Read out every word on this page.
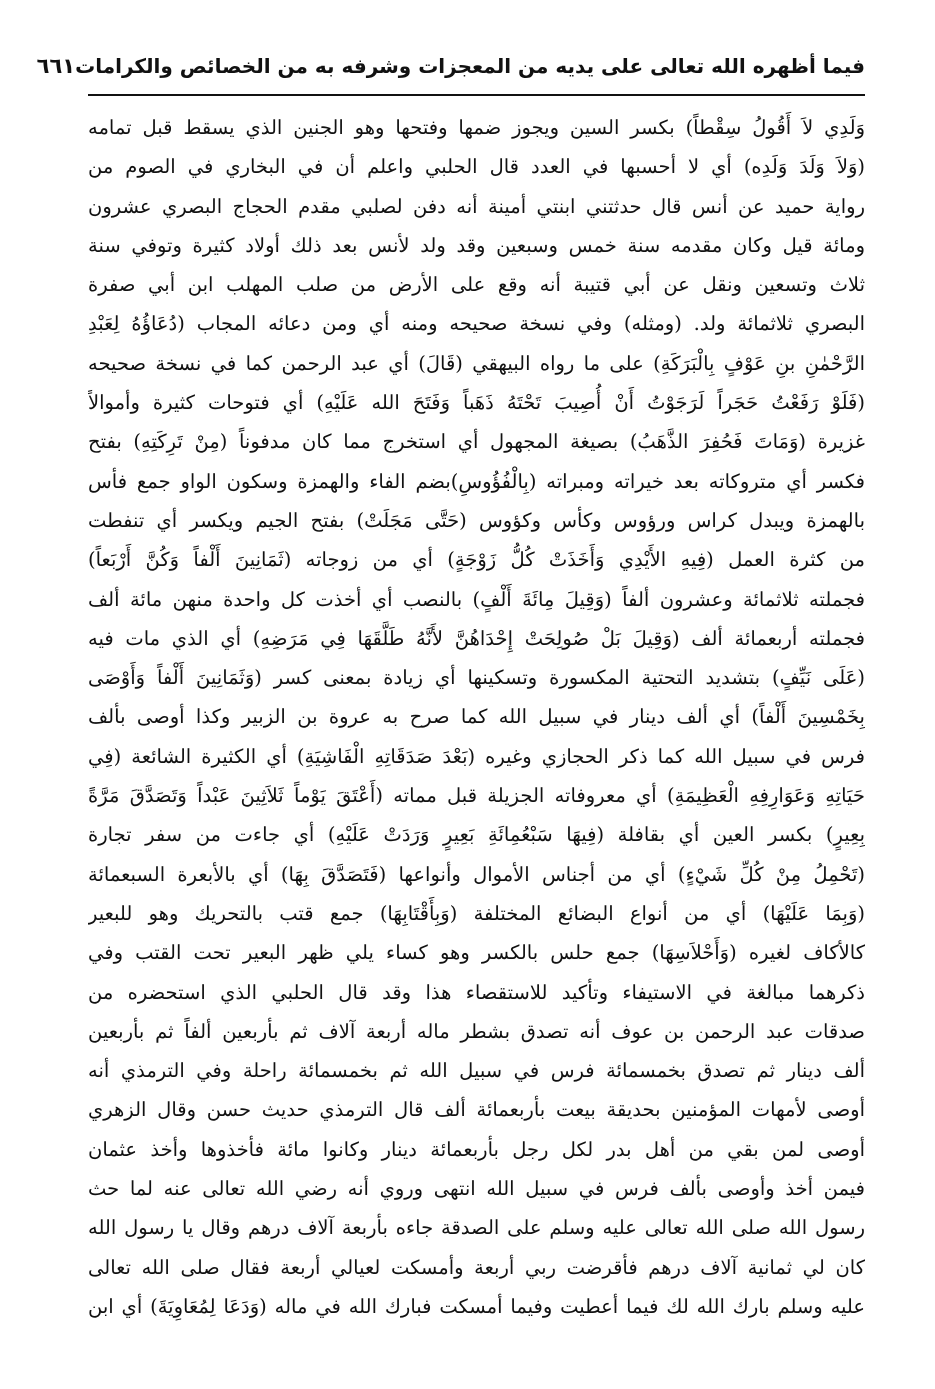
فيما أظهره الله تعالى على يديه من المعجزات وشرفه به من الخصائص والكرامات
٦٦١
وَلَدِي لاَ أَقُولُ سِقْطاً) بكسر السين ويجوز ضمها وفتحها وهو الجنين الذي يسقط قبل تمامه
(وَلاَ وَلَدَ وَلَدِه) أي لا أحسبها في العدد قال الحلبي واعلم أن في البخاري في الصوم من
رواية حميد عن أنس قال حدثتني ابنتي أمينة أنه دفن لصلبي مقدم الحجاج البصري عشرون
ومائة قيل وكان مقدمه سنة خمس وسبعين وقد ولد لأنس بعد ذلك أولاد كثيرة وتوفي سنة
ثلاث وتسعين ونقل عن أبي قتيبة أنه وقع على الأرض من صلب المهلب ابن أبي صفرة
البصري ثلاثمائة ولد. (ومثله) وفي نسخة صحيحه ومنه أي ومن دعائه المجاب (دُعَاؤُهُ لِعَبْدِ
الرَّحْمٰنِ بنِ عَوْفٍ بِالْبَرَكَةِ) على ما رواه البيهقي (قَالَ) أي عبد الرحمن كما في نسخة صحيحه
(فَلَوْ رَفَعْتُ حَجَراً لَرَجَوْتُ أَنْ أُصِيبَ تَحْتَهُ ذَهَباً وَفَتَحَ الله عَلَيْهِ) أي فتوحات كثيرة وأموالاً
غزيرة (وَمَاتَ فَحُفِرَ الذَّهَبُ) بصيغة المجهول أي استخرج مما كان مدفوناً (مِنْ تَرِكَتِهِ) بفتح
فكسر أي متروكاته بعد خيراته ومبراته (بِالْفُؤُوسِ)بضم الفاء والهمزة وسكون الواو جمع فأس
بالهمزة ويبدل كراس ورؤوس وكأس وكؤوس (حَتَّى مَجَلَتْ) بفتح الجيم ويكسر أي تنفطت
من كثرة العمل (فِيهِ الأَيْدِي وَأَخَذَتْ كُلُّ زَوْجَةٍ) أي من زوجاته (ثَمَانِينَ أَلْفاً وَكُنَّ أَرْبَعاً)
فجملته ثلاثمائة وعشرون ألفاً (وَقِيلَ مِائَةَ أَلْفٍ) بالنصب أي أخذت كل واحدة منهن مائة ألف
فجملته أربعمائة ألف (وَقِيلَ بَلْ صُولِحَتْ إِحْدَاهُنَّ لأَنَّهُ طَلَّقَهَا فِي مَرَضِهِ) أي الذي مات فيه
(عَلَى نَيِّفٍ) بتشديد التحتية المكسورة وتسكينها أي زيادة بمعنى كسر (وَثَمَانِينَ أَلْفاً وَأَوْصَى
بِخَمْسِينَ أَلْفاً) أي ألف دينار في سبيل الله كما صرح به عروة بن الزبير وكذا أوصى بألف
فرس في سبيل الله كما ذكر الحجازي وغيره (بَعْدَ صَدَقَاتِهِ الْفَاشِيَةِ) أي الكثيرة الشائعة (فِي
حَيَاتِهِ وَعَوَارِفِهِ الْعَظِيمَةِ) أي معروفاته الجزيلة قبل مماته (أَعْتَقَ يَوْماً ثَلاَثِينَ عَبْداً وَتَصَدَّقَ مَرَّةً
بِعِيرٍ) بكسر العين أي بقافلة (فِيهَا سَبْعُمِائَةِ بَعِيرٍ وَرَدَتْ عَلَيْهِ) أي جاءت من سفر تجارة
(تَحْمِلُ مِنْ كُلِّ شَيْءٍ) أي من أجناس الأموال وأنواعها (فَتَصَدَّقَ بِهَا) أي بالأبعرة السبعمائة
(وَبِمَا عَلَيْهَا) أي من أنواع البضائع المختلفة (وَبِأَقْتَابِهَا) جمع قتب بالتحريك وهو للبعير
كالأكاف لغيره (وَأَحْلاَسِهَا) جمع حلس بالكسر وهو كساء يلي ظهر البعير تحت القتب وفي
ذكرهما مبالغة في الاستيفاء وتأكيد للاستقصاء هذا وقد قال الحلبي الذي استحضره من
صدقات عبد الرحمن بن عوف أنه تصدق بشطر ماله أربعة آلاف ثم بأربعين ألفاً ثم بأربعين
ألف دينار ثم تصدق بخمسمائة فرس في سبيل الله ثم بخمسمائة راحلة وفي الترمذي أنه
أوصى لأمهات المؤمنين بحديقة بيعت بأربعمائة ألف قال الترمذي حديث حسن وقال الزهري
أوصى لمن بقي من أهل بدر لكل رجل بأربعمائة دينار وكانوا مائة فأخذوها وأخذ عثمان
فيمن أخذ وأوصى بألف فرس في سبيل الله انتهى وروي أنه رضي الله تعالى عنه لما حث
رسول الله صلى الله تعالى عليه وسلم على الصدقة جاءه بأربعة آلاف درهم وقال يا رسول الله
كان لي ثمانية آلاف درهم فأقرضت ربي أربعة وأمسكت لعيالي أربعة فقال صلى الله تعالى
عليه وسلم بارك الله لك فيما أعطيت وفيما أمسكت فبارك الله في ماله (وَدَعَا لِمُعَاوِيَةَ) أي ابن
